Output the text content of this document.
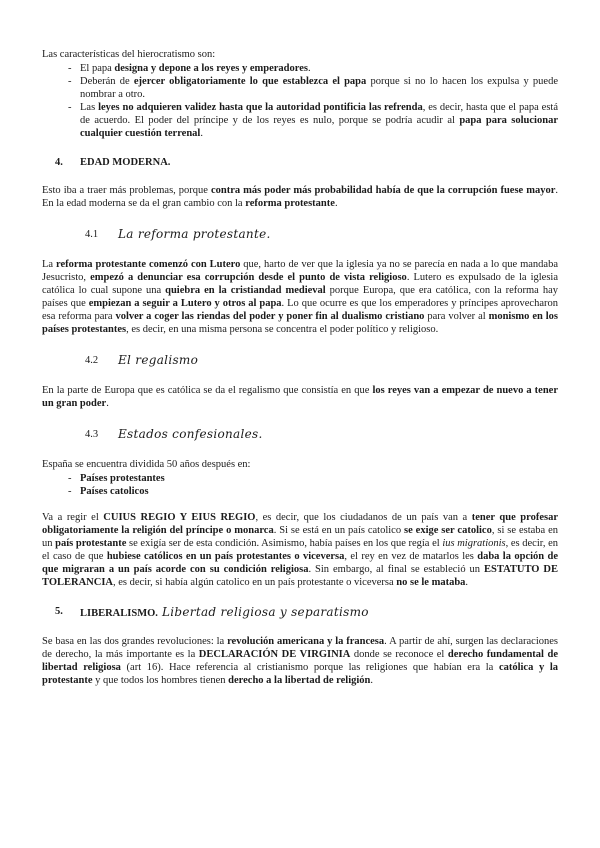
Las características del hierocratismo son:

- El papa designa y depone a los reyes y emperadores.
- Deberán de ejercer obligatoriamente lo que establezca el papa porque si no lo hacen los expulsa y puede nombrar a otro.
- Las leyes no adquieren validez hasta que la autoridad pontificia las refrenda, es decir, hasta que el papa está de acuerdo. El poder del príncipe y de los reyes es nulo, porque se podría acudir al papa para solucionar cualquier cuestión terrenal.
4.	EDAD MODERNA.

Esto iba a traer más problemas, porque contra más poder más probabilidad había de que la corrupción fuese mayor. En la edad moderna se da el gran cambio con la reforma protestante.

4.1	La reforma protestante.

La reforma protestante comenzó con Lutero que, harto de ver que la iglesia ya no se parecía en nada a lo que mandaba Jesucristo, empezó a denunciar esa corrupción desde el punto de vista religioso. Lutero es expulsado de la iglesia católica lo cual supone una quiebra en la cristiandad medieval porque Europa, que era católica, con la reforma hay países que empiezan a seguir a Lutero y otros al papa. Lo que ocurre es que los emperadores y príncipes aprovecharon esa reforma para volver a coger las riendas del poder y poner fin al dualismo cristiano para volver al monismo en los países protestantes, es decir, en una misma persona se concentra el poder político y religioso.

4.2	El regalismo

En la parte de Europa que es católica se da el regalismo que consistía en que los reyes van a empezar de nuevo a tener un gran poder.

4.3	Estados confesionales.

España se encuentra dividida 50 años después en:

- Países protestantes
- Países catolicos

Va a regir el CUIUS REGIO Y EIUS REGIO, es decir, que los ciudadanos de un país van a tener que profesar obligatoriamente la religión del príncipe o monarca. Si se está en un país catolico se exige ser catolico, si se estaba en un país protestante se exigía ser de esta condición. Asimismo, había países en los que regía el ius migrationis, es decir, en el caso de que hubiese católicos en un país protestantes o viceversa, el rey en vez de matarlos les daba la opción de que migraran a un país acorde con su condición religiosa. Sin embargo, al final se estableció un ESTATUTO DE TOLERANCIA, es decir, si había algún catolico en un país protestante o viceversa no se le mataba.

5.	LIBERALISMO. Libertad religiosa y separatismo

Se basa en las dos grandes revoluciones: la revolución americana y la francesa. A partir de ahí, surgen las declaraciones de derecho, la más importante es la DECLARACIÓN DE VIRGINIA donde se reconoce el derecho fundamental de libertad religiosa (art 16). Hace referencia al cristianismo porque las religiones que habían era la católica y la protestante y que todos los hombres tienen derecho a la libertad de religión.
